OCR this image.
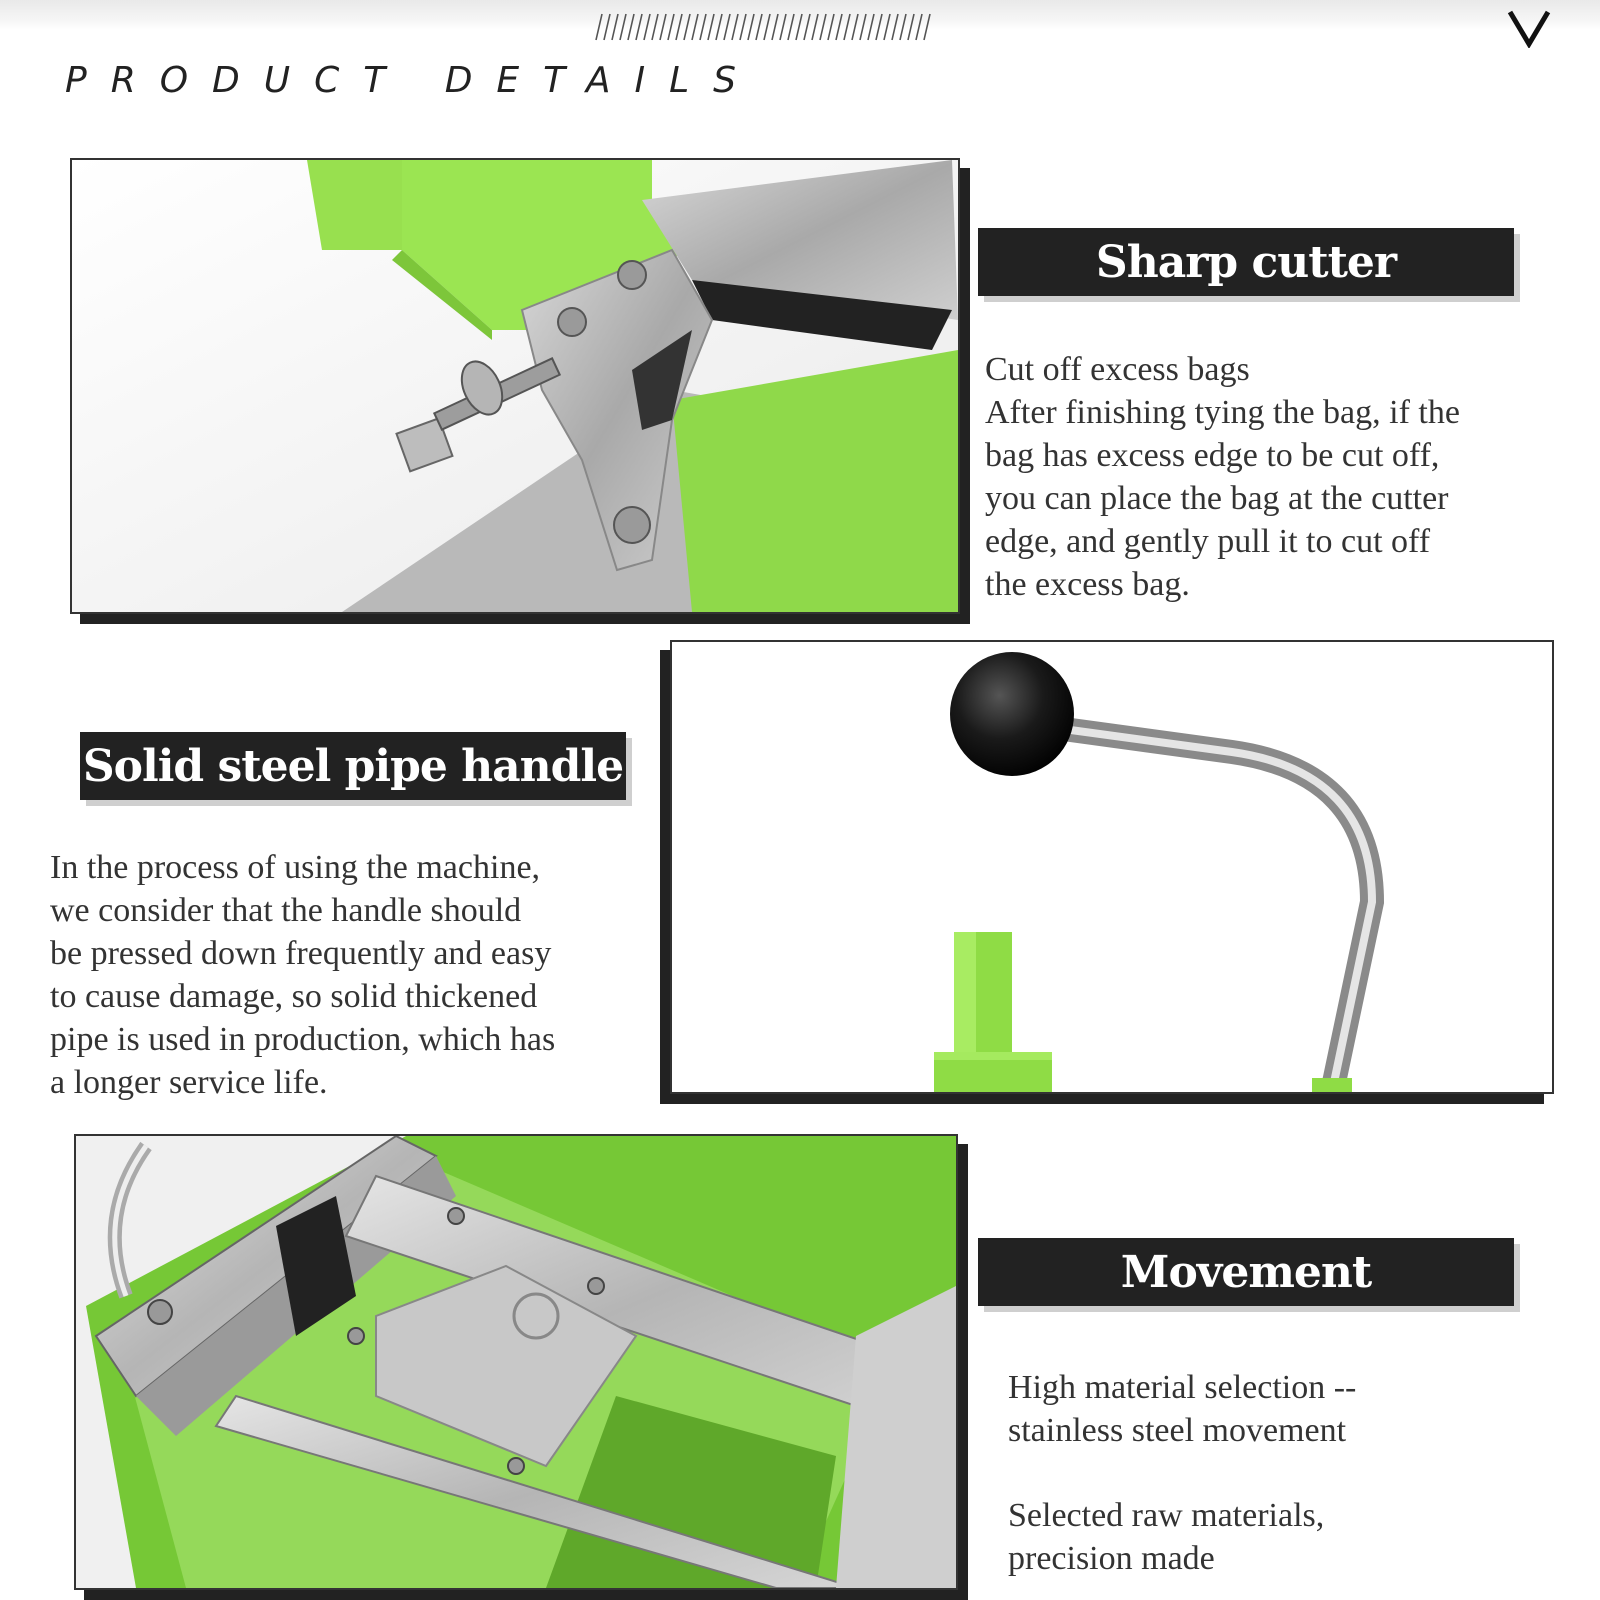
PRODUCT DETAILS
Sharp cutter

Cut off excess bags
After finishing tying the bag, if the
bag has excess edge to be cut off,
you can place the bag at the cutter
edge, and gently pull it to cut off
the excess bag.

Solid steel pipe handle

In the process of using the machine,
we consider that the handle should
be pressed down frequently and easy
to cause damage, so solid thickened
pipe is used in production, which has
a longer service life.

Movement
High material selection --
stainless steel movement
Selected raw materials,
precision made
